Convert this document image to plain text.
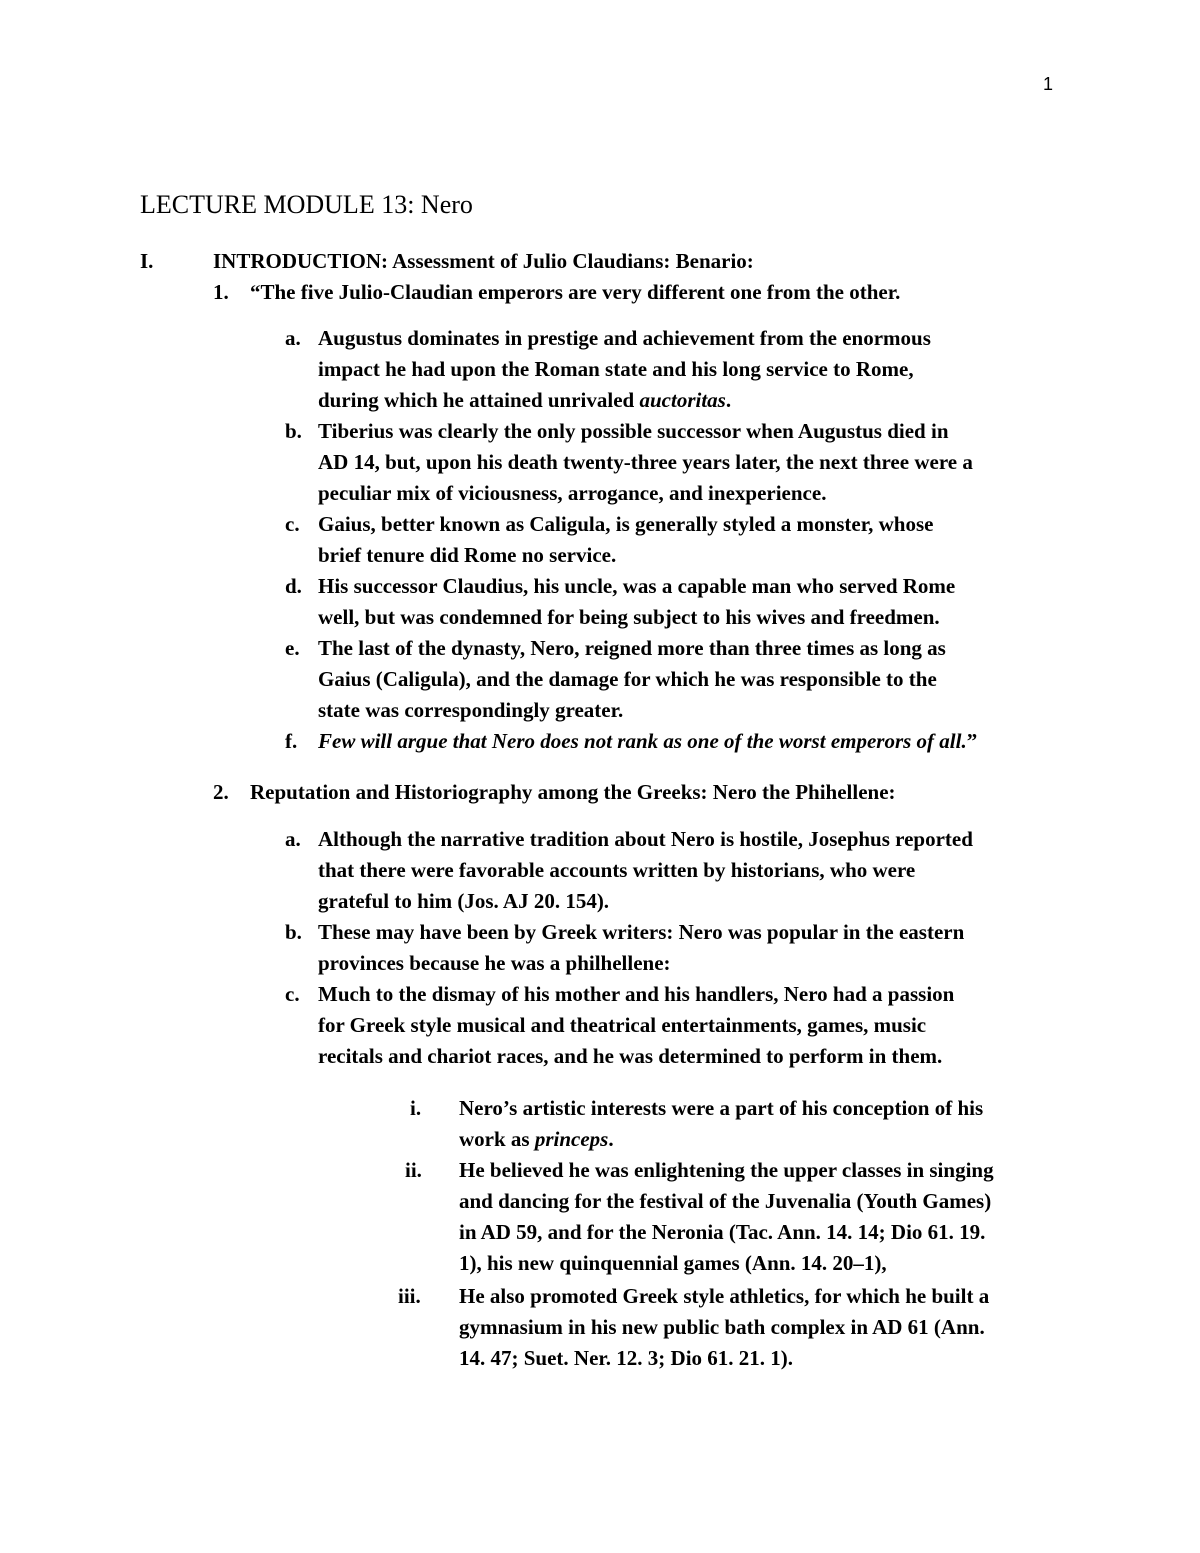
1
LECTURE MODULE 13: Nero
I.	INTRODUCTION: Assessment of Julio Claudians: Benario:
1. “The five Julio-Claudian emperors are very different one from the other.
a. Augustus dominates in prestige and achievement from the enormous
impact he had upon the Roman state and his long service to Rome,
during which he attained unrivaled auctoritas.
b. Tiberius was clearly the only possible successor when Augustus died in
AD 14, but, upon his death twenty-three years later, the next three were a
peculiar mix of viciousness, arrogance, and inexperience.
c. Gaius, better known as Caligula, is generally styled a monster, whose
brief tenure did Rome no service.
d. His successor Claudius, his uncle, was a capable man who served Rome
well, but was condemned for being subject to his wives and freedmen.
e. The last of the dynasty, Nero, reigned more than three times as long as
Gaius (Caligula), and the damage for which he was responsible to the
state was correspondingly greater.
f. Few will argue that Nero does not rank as one of the worst emperors of all.”
2. Reputation and Historiography among the Greeks: Nero the Phihellene:
a. Although the narrative tradition about Nero is hostile, Josephus reported
that there were favorable accounts written by historians, who were
grateful to him (Jos. AJ 20. 154).
b. These may have been by Greek writers: Nero was popular in the eastern
provinces because he was a philhellene:
c. Much to the dismay of his mother and his handlers, Nero had a passion
for Greek style musical and theatrical entertainments, games, music
recitals and chariot races, and he was determined to perform in them.
i. Nero’s artistic interests were a part of his conception of his
work as princeps.
ii. He believed he was enlightening the upper classes in singing
and dancing for the festival of the Juvenalia (Youth Games)
in AD 59, and for the Neronia (Tac. Ann. 14. 14; Dio 61. 19.
1), his new quinquennial games (Ann. 14. 20–1),
iii. He also promoted Greek style athletics, for which he built a
gymnasium in his new public bath complex in AD 61 (Ann.
14. 47; Suet. Ner. 12. 3; Dio 61. 21. 1).
